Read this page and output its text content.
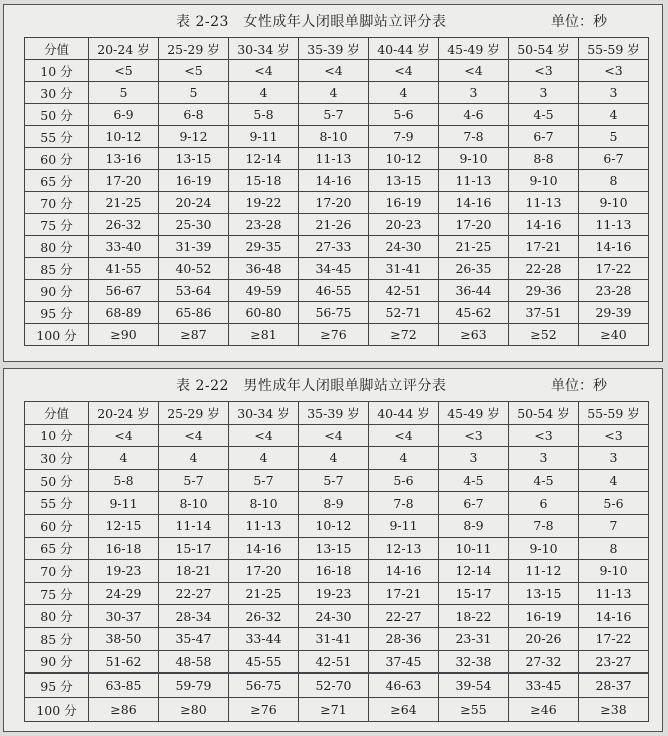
表 2-23　女性成年人闭眼单脚站立评分表	单位：秒
分值	20-24 岁	25-29 岁	30-34 岁	35-39 岁	40-44 岁	45-49 岁	50-54 岁	55-59 岁
10 分	<5	<5	<4	<4	<4	<4	<3	<3
30 分	5	5	4	4	4	3	3	3
50 分	6-9	6-8	5-8	5-7	5-6	4-6	4-5	4
55 分	10-12	9-12	9-11	8-10	7-9	7-8	6-7	5
60 分	13-16	13-15	12-14	11-13	10-12	9-10	8-8	6-7
65 分	17-20	16-19	15-18	14-16	13-15	11-13	9-10	8
70 分	21-25	20-24	19-22	17-20	16-19	14-16	11-13	9-10
75 分	26-32	25-30	23-28	21-26	20-23	17-20	14-16	11-13
80 分	33-40	31-39	29-35	27-33	24-30	21-25	17-21	14-16
85 分	41-55	40-52	36-48	34-45	31-41	26-35	22-28	17-22
90 分	56-67	53-64	49-59	46-55	42-51	36-44	29-36	23-28
95 分	68-89	65-86	60-80	56-75	52-71	45-62	37-51	29-39
100 分	≥90	≥87	≥81	≥76	≥72	≥63	≥52	≥40
表 2-22　男性成年人闭眼单脚站立评分表	单位：秒
分值	20-24 岁	25-29 岁	30-34 岁	35-39 岁	40-44 岁	45-49 岁	50-54 岁	55-59 岁
10 分	<4	<4	<4	<4	<4	<3	<3	<3
30 分	4	4	4	4	4	3	3	3
50 分	5-8	5-7	5-7	5-7	5-6	4-5	4-5	4
55 分	9-11	8-10	8-10	8-9	7-8	6-7	6	5-6
60 分	12-15	11-14	11-13	10-12	9-11	8-9	7-8	7
65 分	16-18	15-17	14-16	13-15	12-13	10-11	9-10	8
70 分	19-23	18-21	17-20	16-18	14-16	12-14	11-12	9-10
75 分	24-29	22-27	21-25	19-23	17-21	15-17	13-15	11-13
80 分	30-37	28-34	26-32	24-30	22-27	18-22	16-19	14-16
85 分	38-50	35-47	33-44	31-41	28-36	23-31	20-26	17-22
90 分	51-62	48-58	45-55	42-51	37-45	32-38	27-32	23-27
95 分	63-85	59-79	56-75	52-70	46-63	39-54	33-45	28-37
100 分	≥86	≥80	≥76	≥71	≥64	≥55	≥46	≥38
